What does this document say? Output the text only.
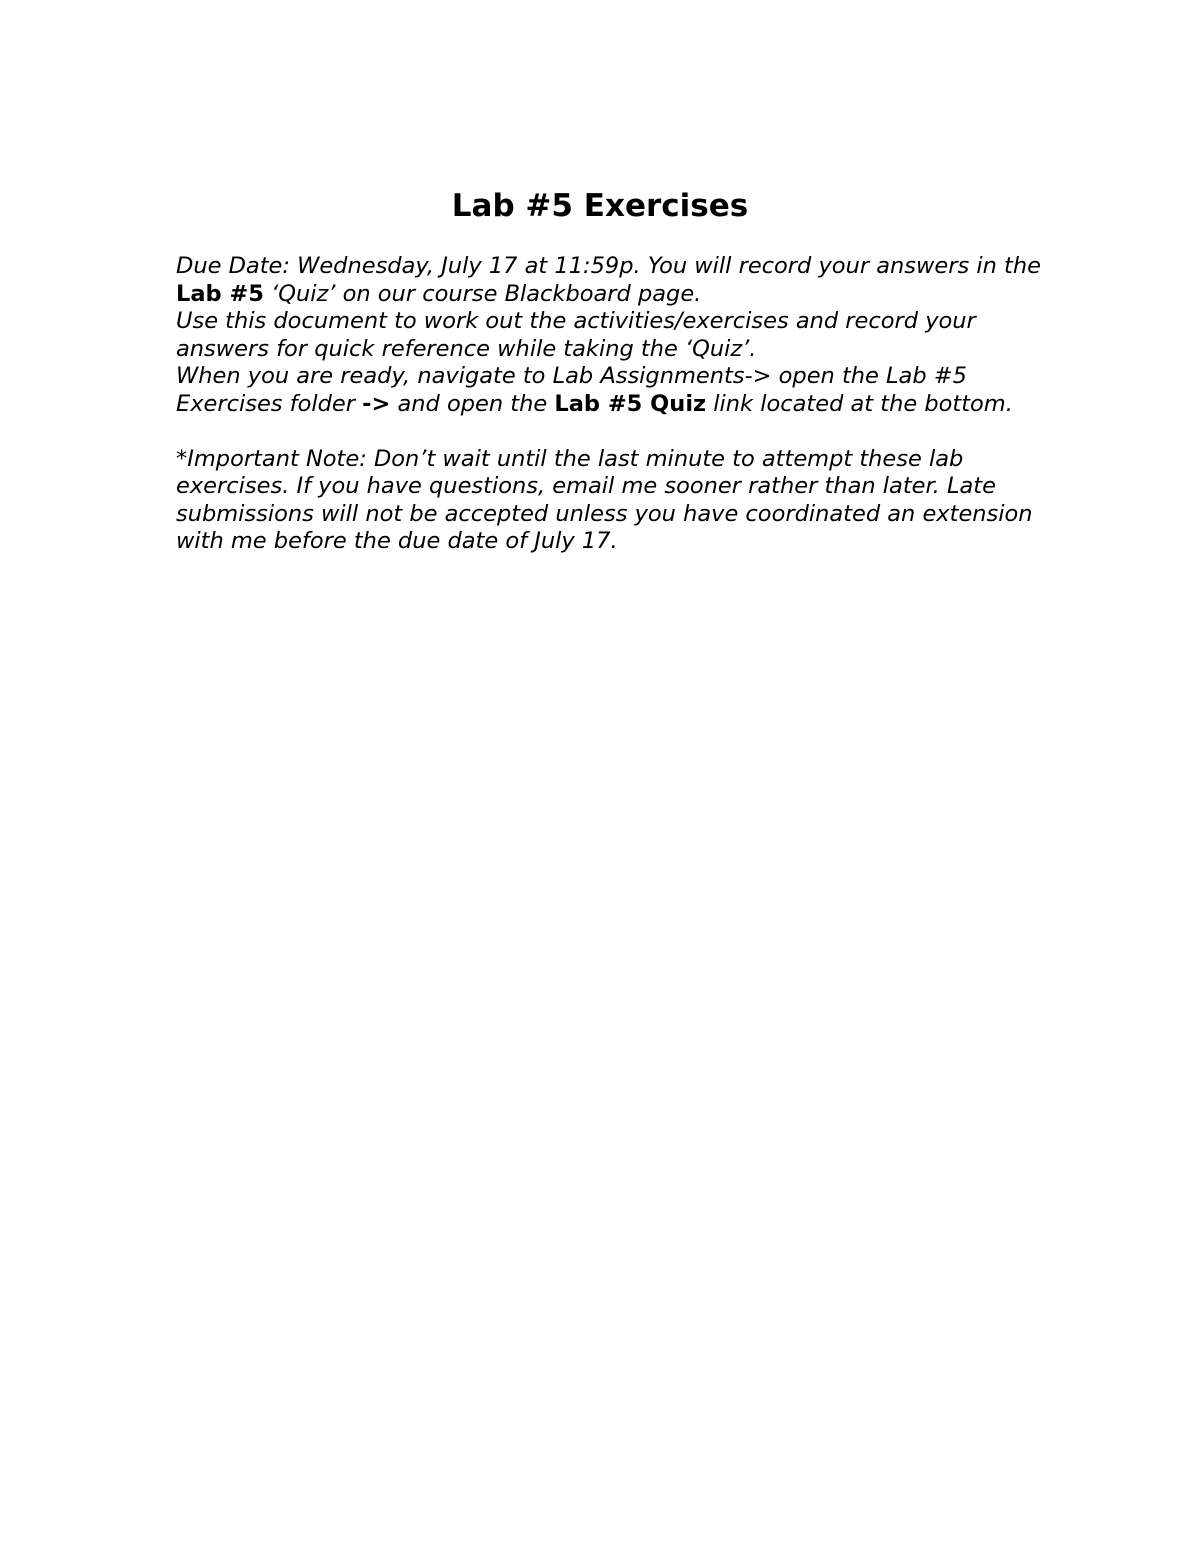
Lab #5 Exercises

Due Date: Wednesday, July 17 at 11:59p. You will record your answers in the Lab #5 ‘Quiz’ on our course Blackboard page.

Use this document to work out the activities/exercises and record your answers for quick reference while taking the ‘Quiz’.

When you are ready, navigate to Lab Assignments-> open the Lab #5 Exercises folder -> and open the Lab #5 Quiz link located at the bottom.

*Important Note: Don’t wait until the last minute to attempt these lab exercises. If you have questions, email me sooner rather than later. Late submissions will not be accepted unless you have coordinated an extension with me before the due date of July 17.
